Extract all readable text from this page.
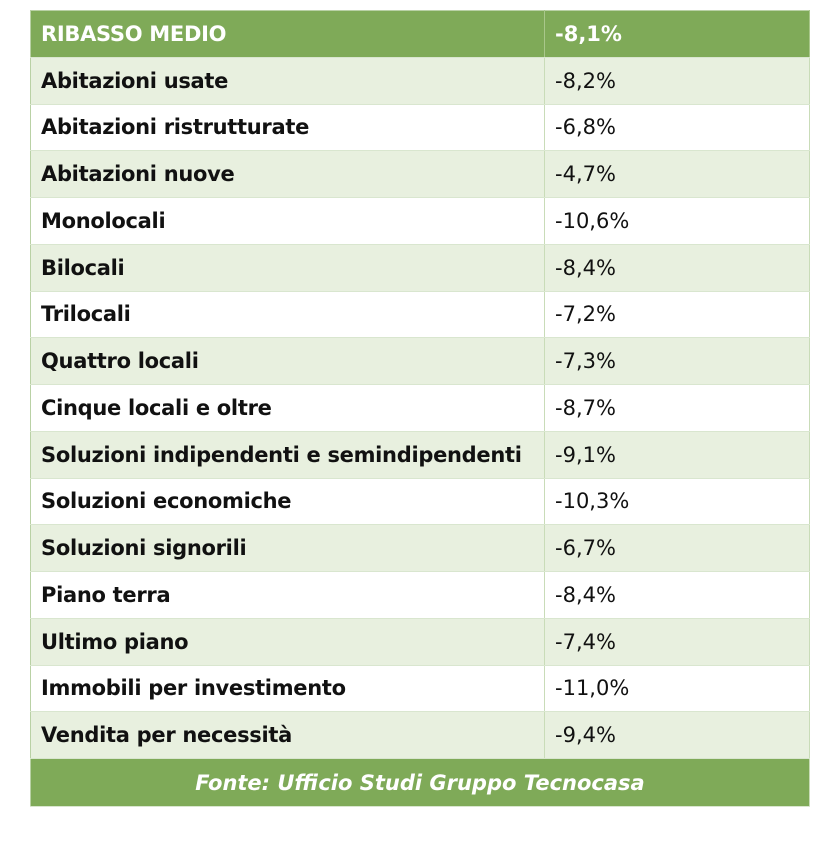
RIBASSO MEDIO	-8,1%
Abitazioni usate	-8,2%
Abitazioni ristrutturate	-6,8%
Abitazioni nuove	-4,7%
Monolocali	-10,6%
Bilocali	-8,4%
Trilocali	-7,2%
Quattro locali	-7,3%
Cinque locali e oltre	-8,7%
Soluzioni indipendenti e semindipendenti	-9,1%
Soluzioni economiche	-10,3%
Soluzioni signorili	-6,7%
Piano terra	-8,4%
Ultimo piano	-7,4%
Immobili per investimento	-11,0%
Vendita per necessità	-9,4%
Fonte: Ufficio Studi Gruppo Tecnocasa	
